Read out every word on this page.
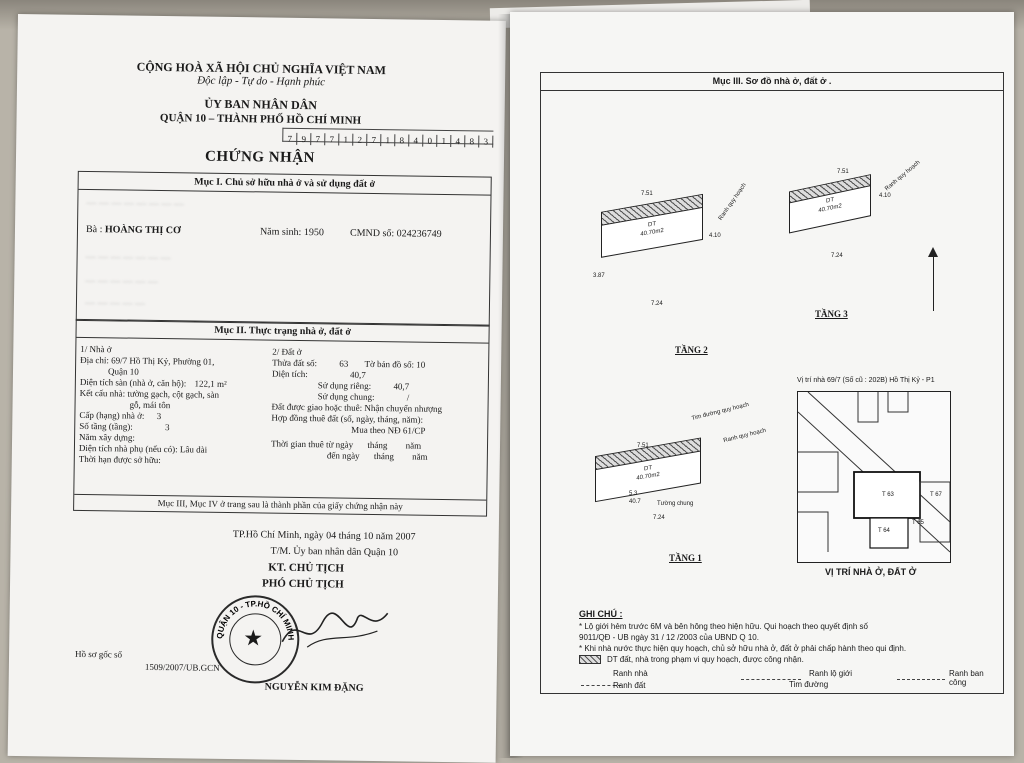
CỘNG HOÀ XÃ HỘI CHỦ NGHĨA VIỆT NAM
Độc lập - Tự do - Hạnh phúc
ỦY BAN NHÂN DÂN
QUẬN 10 – THÀNH PHỐ HỒ CHÍ MINH
7 9 7 7 1 2 7 1 8 4 0 1 4 8 3
CHỨNG NHẬN
Mục I. Chủ sở hữu nhà ở và sử dụng đất ở
— — — — — — — —
Bà : HOÀNG THỊ CƠ	Năm sinh: 1950	CMND số: 024236749
— — — — — — —
— — — — — —
— — — — —
Mục II. Thực trạng nhà ở, đất ở
1/ Nhà ở
Địa chỉ: 69/7 Hồ Thị Kỷ, Phường 01,
Quận 10
Diện tích sàn (nhà ở, căn hộ): 122,1 m²
Kết cấu nhà: tường gạch, cột gạch, sàn
gỗ, mái tôn
Cấp (hạng) nhà ở: 3
Số tầng (tầng):	3
Năm xây dựng:
Diện tích nhà phụ (nếu có): Lâu dài
Thời hạn được sở hữu:
2/ Đất ở
Thửa đất số: 63 Tờ bản đồ số: 10
Diện tích:	40,7
Sử dụng riêng: 40,7
Sử dụng chung:	/
Đất được giao hoặc thuê: Nhận chuyển nhượng
Hợp đồng thuê đất (số, ngày, tháng, năm):
Mua theo NĐ 61/CP
Thời gian thuê từ ngày tháng năm
đến ngày tháng năm
Mục III, Mục IV ở trang sau là thành phần của giấy chứng nhận này
TP.Hồ Chí Minh, ngày 04 tháng 10 năm 2007
T/M. Ủy ban nhân dân Quận 10
KT. CHỦ TỊCH
PHÓ CHỦ TỊCH
★
QUẬN 10 - TP.HỒ CHÍ MINH
NGUYỄN KIM ĐẶNG
Hồ sơ gốc số
1509/2007/UB.GCN
Mục III. Sơ đồ nhà ở, đất ở .
DT
40.70m2
7.51
7.24
3.87
4.10
Ranh quy hoạch
TẦNG 2
DT
40.70m2
7.51
7.24
4.10
Ranh quy hoạch
TẦNG 3
DT
40.70m2
7.51
7.24
5.3
40.7	Tường chung
Tim đường quy hoạch
Ranh quy hoạch
TẦNG 1
Vị trí nhà 69/7 (Số cũ : 202B) Hồ Thị Kỷ - P1
T 63	T 67
T 64
T 65
VỊ TRÍ NHÀ Ở, ĐẤT Ở
GHI CHÚ :
* Lộ giới hẻm trước 6M và bên hông theo hiện hữu. Qui hoạch theo quyết định số
9011/QĐ - UB ngày 31 / 12 /2003 của UBND Q 10.
* Khi nhà nước thực hiện quy hoạch, chủ sở hữu nhà ở, đất ở phải chấp hành theo qui định.
DT đất, nhà trong phạm vi quy hoạch, được công nhận.
Ranh nhà	Ranh lộ giới	Ranh ban công
Ranh đất	Tim đường
